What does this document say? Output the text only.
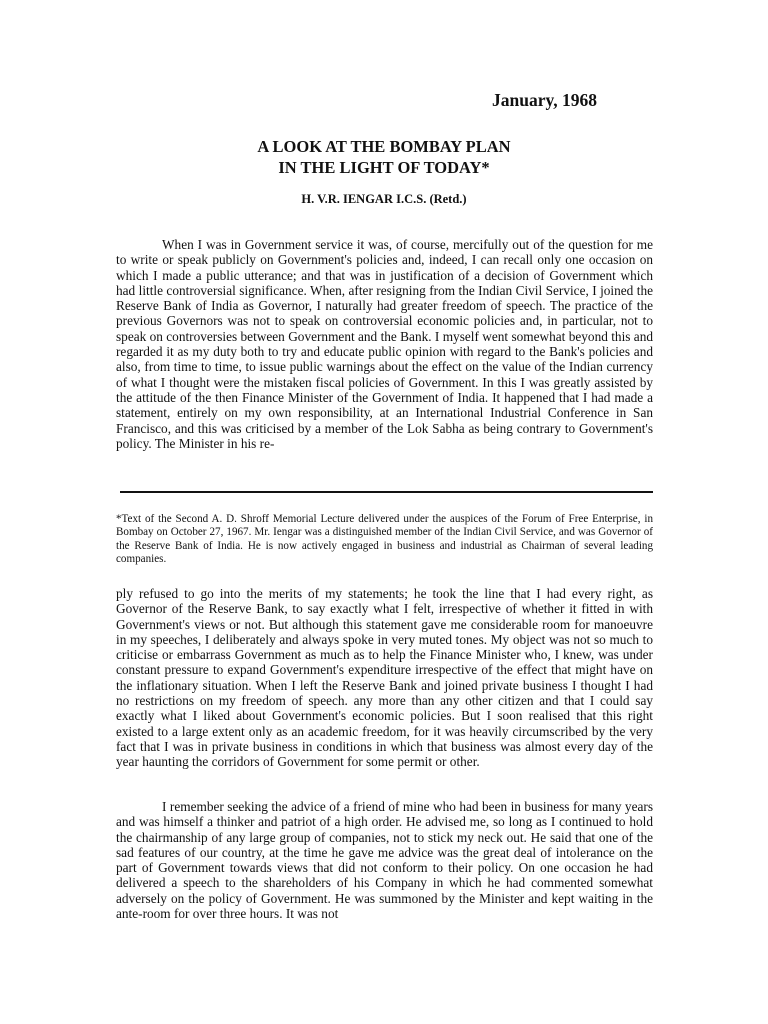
January, 1968
A LOOK AT THE BOMBAY PLAN
IN THE LIGHT OF TODAY*
H. V.R. IENGAR I.C.S. (Retd.)

When I was in Government service it was, of course, mercifully out of the question for me to write or speak publicly on Government's policies and, indeed, I can recall only one occasion on which I made a public utterance; and that was in justification of a decision of Government which had little controversial significance. When, after resigning from the Indian Civil Service, I joined the Reserve Bank of India as Governor, I naturally had greater freedom of speech. The practice of the previous Governors was not to speak on controversial economic policies and, in particular, not to speak on controversies between Government and the Bank. I myself went somewhat beyond this and regarded it as my duty both to try and educate public opinion with regard to the Bank's policies and also, from time to time, to issue public warnings about the effect on the value of the Indian currency of what I thought were the mistaken fiscal policies of Government. In this I was greatly assisted by the attitude of the then Finance Minister of the Government of India. It happened that I had made a statement, entirely on my own responsibility, at an International Industrial Conference in San Francisco, and this was criticised by a member of the Lok Sabha as being contrary to Government's policy. The Minister in his re-

*Text of the Second A. D. Shroff Memorial Lecture delivered under the auspices of the Forum of Free Enterprise, in Bombay on October 27, 1967. Mr. Iengar was a distinguished member of the Indian Civil Service, and was Governor of the Reserve Bank of India. He is now actively engaged in business and industrial as Chairman of several leading companies.

ply refused to go into the merits of my statements; he took the line that I had every right, as Governor of the Reserve Bank, to say exactly what I felt, irrespective of whether it fitted in with Government's views or not. But although this statement gave me considerable room for manoeuvre in my speeches, I deliberately and always spoke in very muted tones. My object was not so much to criticise or embarrass Government as much as to help the Finance Minister who, I knew, was under constant pressure to expand Government's expenditure irrespective of the effect that might have on the inflationary situation. When I left the Reserve Bank and joined private business I thought I had no restrictions on my freedom of speech. any more than any other citizen and that I could say exactly what I liked about Government's economic policies. But I soon realised that this right existed to a large extent only as an academic freedom, for it was heavily circumscribed by the very fact that I was in private business in conditions in which that business was almost every day of the year haunting the corridors of Government for some permit or other.

I remember seeking the advice of a friend of mine who had been in business for many years and was himself a thinker and patriot of a high order. He advised me, so long as I continued to hold the chairmanship of any large group of companies, not to stick my neck out. He said that one of the sad features of our country, at the time he gave me advice was the great deal of intolerance on the part of Government towards views that did not conform to their policy. On one occasion he had delivered a speech to the shareholders of his Company in which he had commented somewhat adversely on the policy of Government. He was summoned by the Minister and kept waiting in the ante-room for over three hours. It was not
